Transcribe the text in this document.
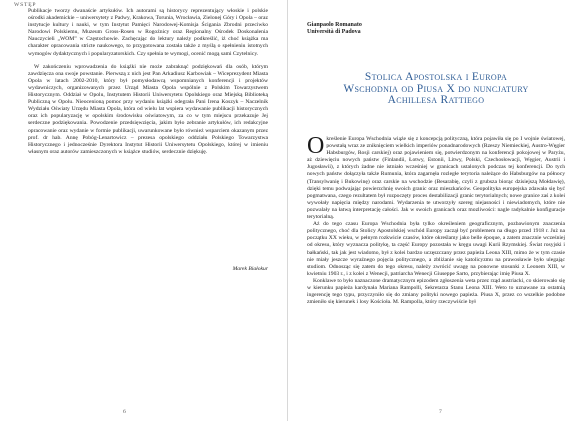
WSTĘP

Publikacje tworzy dwanaście artykułów. Ich autorami są historycy reprezentujący włoskie i polskie ośrodki akademickie – uniwersytety z Padwy, Krakowa, Torunia, Wrocławia, Zielonej Góry i Opola – oraz instytucje kultury i nauki, w tym Instytut Pamięci Narodowej-Komisja Ścigania Zbrodni przeciwko Narodowi Polskiemu, Muzeum Gross-Rosen w Rogoźnicy oraz Regionalny Ośrodek Doskonalenia Nauczycieli „WOM” w Częstochowie. Zachęcając do lektury należy podkreślić, iż choć książka ma charakter opracowania stricte naukowego, to przygotowana została także z myślą o spełnieniu istotnych wymogów dydaktycznych i popularyzatorskich. Czy spełnia te wymogi, ocenić mogą sami Czytelnicy.

W zakończeniu wprowadzenia do książki nie może zabraknąć podziękowań dla osób, którym zawdzięcza ona swoje powstanie. Pierwszą z nich jest Pan Arkadiusz Karbowiak – Wiceprezydent Miasta Opola w latach 2002-2010, który był pomysłodawcą wspomnianych konferencji i projektów wydawniczych, organizowanych przez Urząd Miasta Opola wspólnie z Polskim Towarzystwem Historycznym. Oddział w Opolu, Instytutem Historii Uniwersytetu Opolskiego oraz Miejską Biblioteką Publiczną w Opolu. Nieocenioną pomoc przy wydaniu książki odegrała Pani Irena Koszyk – Naczelnik Wydziału Oświaty Urzędu Miasta Opola, która od wielu lat wspiera wydawanie publikacji historycznych oraz ich popularyzację w opolskim środowisku oświatowym, za co w tym miejscu przekazuje Jej serdeczne podziękowania. Powodzenie przedsięwzięcia, jakim było zebranie artykułów, ich redakcyjne opracowanie oraz wydanie w formie publikacji, uwarunkowane było również wsparciem okazanym przez prof. dr hab. Annę Pobóg-Lenartowicz – prezesa opolskiego oddziału Polskiego Towarzystwa Historycznego i jednocześnie Dyrektora Instytut Historii Uniwersytetu Opolskiego, której w imieniu własnym oraz autorów zamieszczonych w książce studiów, serdecznie dziękuję.

Marek Białokur
6
Gianpaolo Romanato
Università di Padova
Stolica Apostolska i Europa
Wschodnia od Piusa X do nuncjatury
Achillesa Rattiego

Określenie Europa Wschodnia wiąże się z koncepcją polityczną, która pojawiła się po I wojnie światowej, powstałą wraz ze zniknięciem wielkich imperiów ponadnarodowych (Rzeszy Niemieckiej, Austro-Węgier Habsburgów, Rosji carskiej) oraz pojawieniem się, potwierdzonym na konferencji pokojowej w Paryżu, aż dziewięciu nowych państw (Finlandii, Łotwy, Estonii, Litwy, Polski, Czechosłowacji, Węgier, Austrii i Jugosławii), z których żadne nie istniało wcześniej w granicach ustalonych podczas tej konferencji. Do tych nowych państw dołączyła także Rumunia, która zagarnęła rozległe terytoria należące do Habsburgów na północy (Transylwanię i Bukowinę) oraz carskie na wschodzie (Besarabię, czyli z grubsza biorąc dzisiejszą Mołdawię), dzięki temu podwajając powierzchnię swoich granic oraz mieszkańców. Geopolityka europejska zdawała się być pogmatwana, czego rezultatem był rozpoczęty proces destabilizacji granic terytorialnych; nowe granice zaś z kolei wywołały napięcia między narodami. Wydarzenia te utworzyły szereg niejasności i niewiadomych, które nie pozwalały na łatwą interpretację całości. Jak w swoich granicach oraz mozliwości: nagle radykalnie konfiguracje terytorialną.

Aż do tego czasu Europa Wschodnia była tylko określeniem geograficznym, pozbawionym znaczenia politycznego, choć dla Stolicy Apostolskiej wschód Europy zaczął być problemem na długo przed 1918 r. Już na początku XX wieku, w pełnym rozkwicie czasów, które określamy jako belle époque, a zatem znacznie wcześniej od okresu, który wyznacza politykę, ta część Europy pozostała w kręgu uwagi Kurii Rzymskiej. Świat rosyjski i bałkański, tak jak jest wiadomo, był z kolei bardzo uczęszczany przez papieża Leona XIII, mimo że w tym czasie nie miały jeszcze wyraźnego pojęcia politycznego, a zbliżanie się katolicyzmu na prawosławie było ulegając studiom. Odnosząc się zatem do tego okresu, należy zwrócić uwagę na ponowne stosunki z Leonem XIII, w kwietniu 1903 r., i z kolei z Wenecji, patriarcha Wenecji Giuseppe Sarto, przybierając imię Piusa X.

Konklawe to było naznaczone dramatycznym epizodem zgłoszenia weta przez rząd austriacki, co skierowało się w kierunku papieża kardynała Mariana Rampolli, Sekretarza Stanu Leona XIII. Weto to uznawane za ostatnią ingerencję tego typu, przyczyniło się do zmiany polityki nowego papieża. Piusa X, przez co wszelkie podobne zmieniło się kierunek i losy Kościoła. M. Rampolla, który rzeczywiście był

7
